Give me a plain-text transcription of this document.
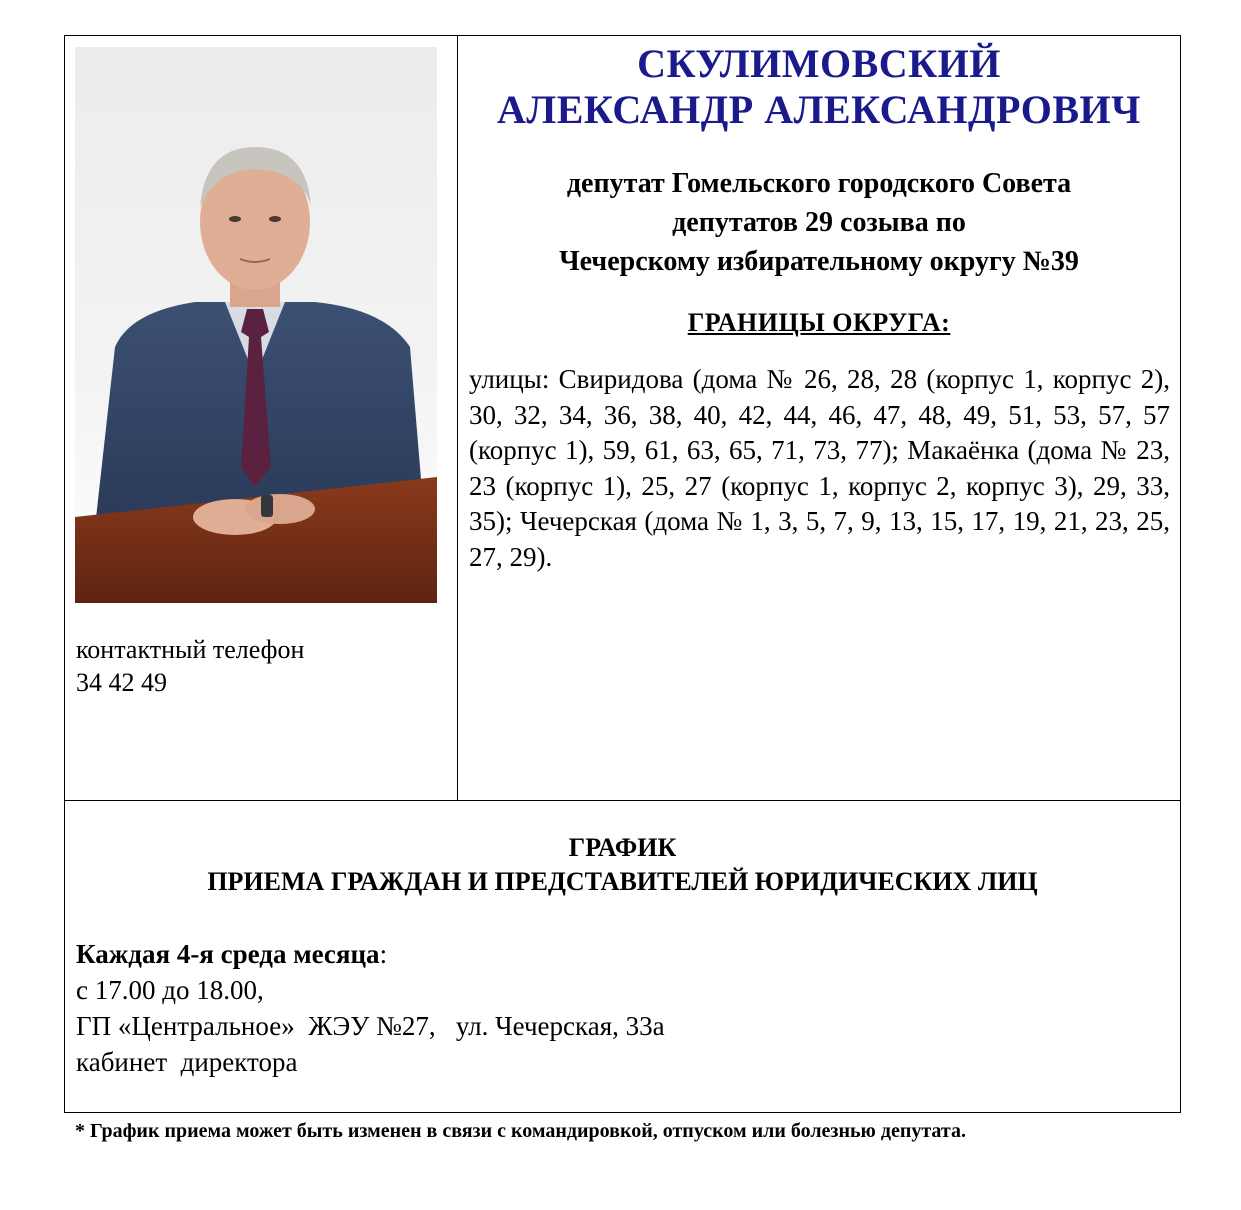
контактный телефон
34 42 49
СКУЛИМОВСКИЙ
АЛЕКСАНДР АЛЕКСАНДРОВИЧ
депутат Гомельского городского Совета
депутатов 29 созыва по
Чечерскому избирательному округу №39
ГРАНИЦЫ ОКРУГА:
улицы: Свиридова (дома № 26, 28, 28 (корпус 1, корпус 2), 30, 32, 34, 36, 38, 40, 42, 44, 46, 47, 48, 49, 51, 53, 57, 57 (корпус 1), 59, 61, 63, 65, 71, 73, 77); Макаёнка (дома № 23, 23 (корпус 1), 25, 27 (корпус 1, корпус 2, корпус 3), 29, 33, 35); Чечерская (дома № 1, 3, 5, 7, 9, 13, 15, 17, 19, 21, 23, 25, 27, 29).
ГРАФИК
ПРИЕМА ГРАЖДАН И ПРЕДСТАВИТЕЛЕЙ ЮРИДИЧЕСКИХ ЛИЦ
Каждая 4-я среда месяца:
с 17.00 до 18.00,
ГП «Центральное»  ЖЭУ №27,   ул. Чечерская, 33а
кабинет  директора
* График приема может быть изменен в связи с командировкой, отпуском или болезнью депутата.
